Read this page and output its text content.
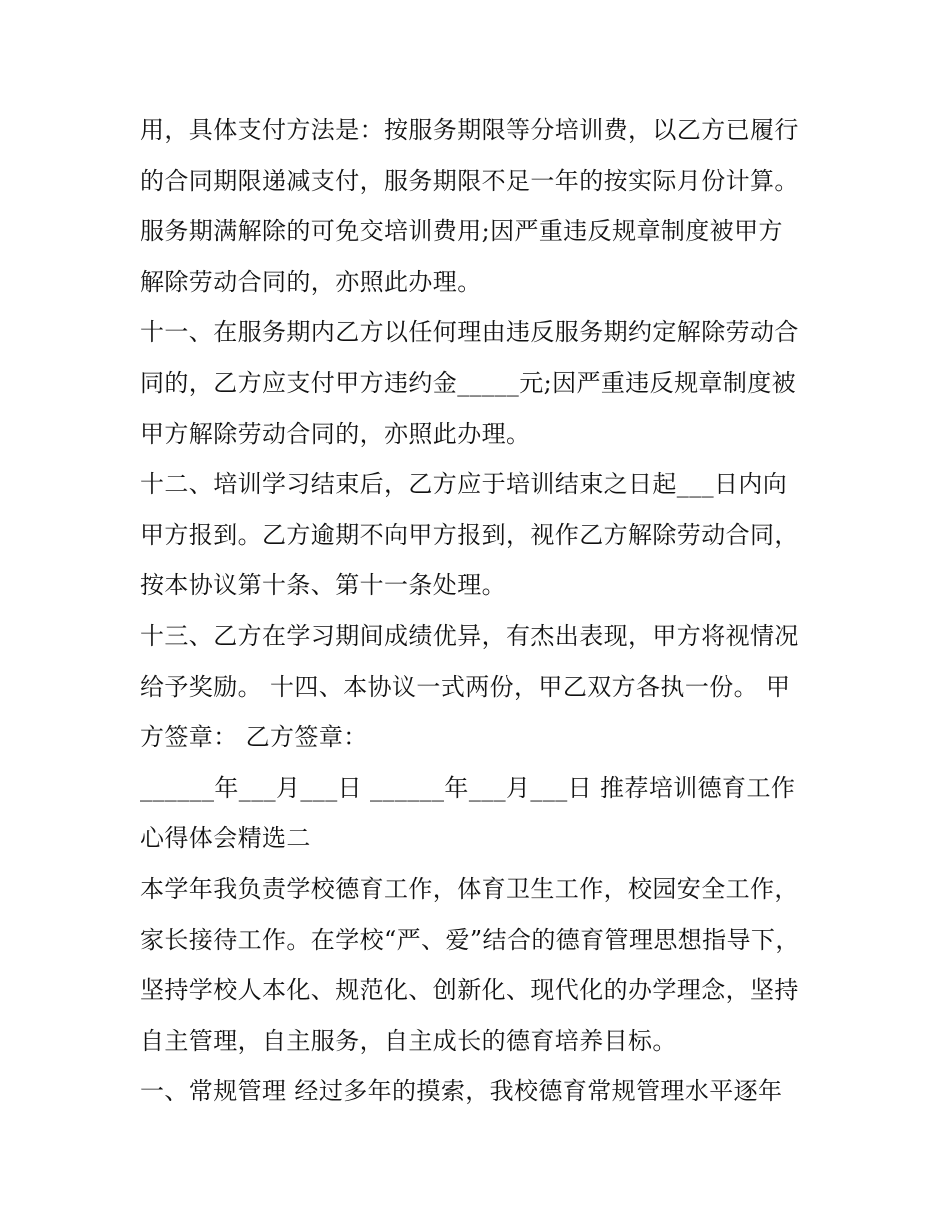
用，具体支付方法是：按服务期限等分培训费，以乙方已履行
的合同期限递减支付，服务期限不足一年的按实际月份计算。
服务期满解除的可免交培训费用;因严重违反规章制度被甲方
解除劳动合同的，亦照此办理。
十一、在服务期内乙方以任何理由违反服务期约定解除劳动合
同的，乙方应支付甲方违约金_____元;因严重违反规章制度被
甲方解除劳动合同的，亦照此办理。
十二、培训学习结束后，乙方应于培训结束之日起___日内向
甲方报到。乙方逾期不向甲方报到，视作乙方解除劳动合同，
按本协议第十条、第十一条处理。
十三、乙方在学习期间成绩优异，有杰出表现，甲方将视情况
给予奖励。 十四、本协议一式两份，甲乙双方各执一份。 甲
方签章： 乙方签章：
______年___月___日 ______年___月___日 推荐培训德育工作
心得体会精选二
本学年我负责学校德育工作，体育卫生工作，校园安全工作，
家长接待工作。在学校“严、爱”结合的德育管理思想指导下，
坚持学校人本化、规范化、创新化、现代化的办学理念，坚持
自主管理，自主服务，自主成长的德育培养目标。
一、常规管理 经过多年的摸索，我校德育常规管理水平逐年
